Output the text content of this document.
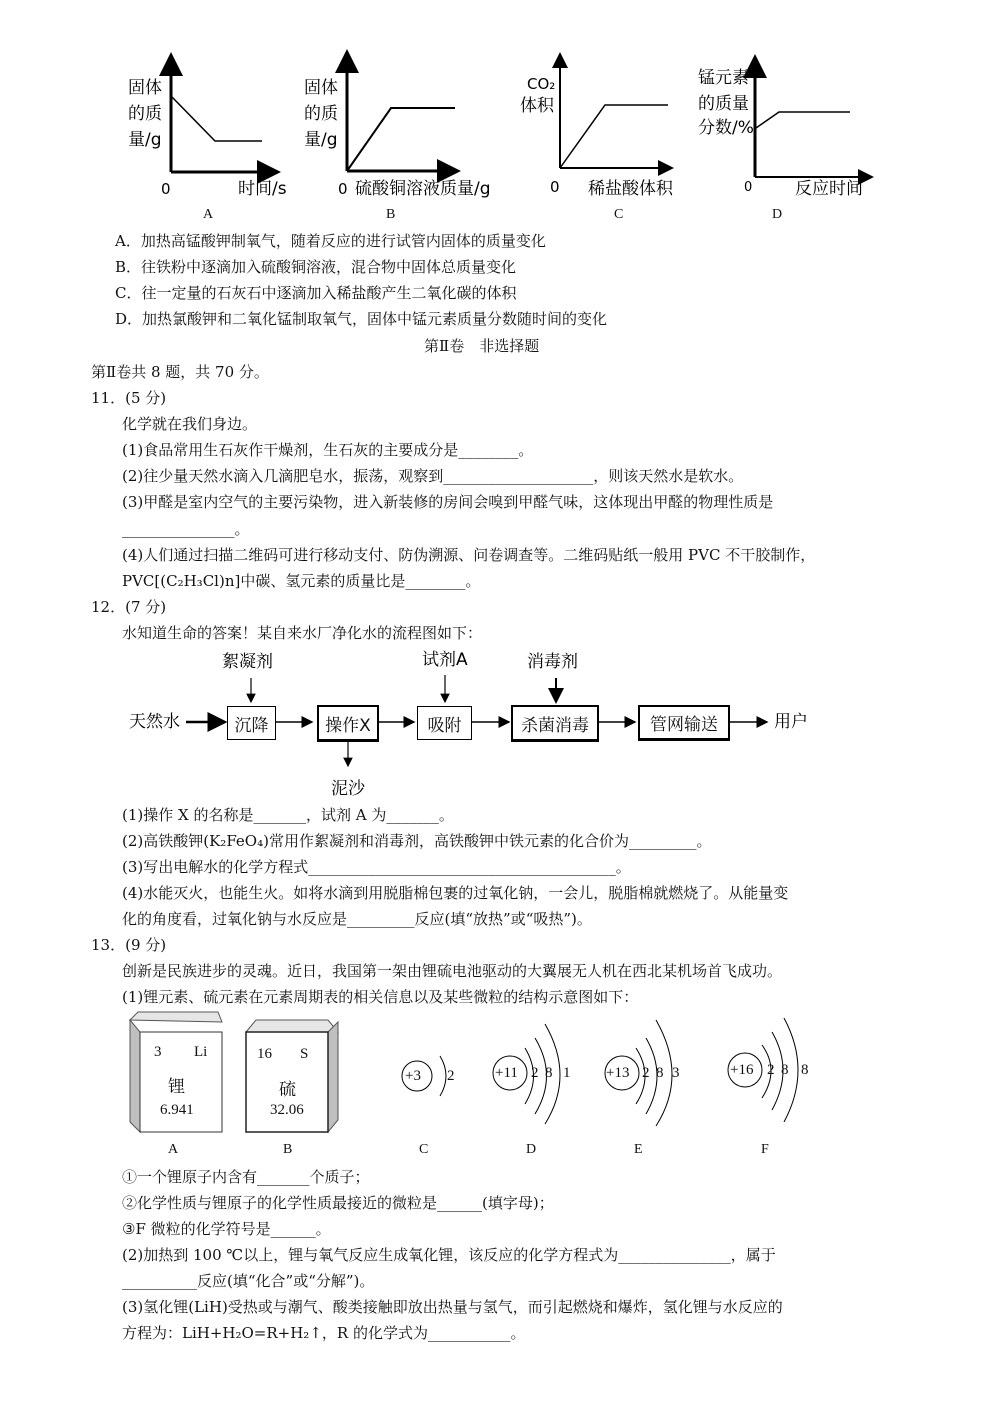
固体
的质
量/g
0	时间/s
A
固体
的质
量/g
0 硫酸铜溶液质量/g
B
CO₂
体积
0 稀盐酸体积
C
锰元素
的质量
分数/%
0	反应时间
D
A．加热高锰酸钾制氧气，随着反应的进行试管内固体的质量变化
B．往铁粉中逐滴加入硫酸铜溶液，混合物中固体总质量变化
C．往一定量的石灰石中逐滴加入稀盐酸产生二氧化碳的体积
D．加热氯酸钾和二氧化锰制取氧气，固体中锰元素质量分数随时间的变化
第Ⅱ卷　非选择题
第Ⅱ卷共 8 题，共 70 分。
11．(5 分)
化学就在我们身边。
(1)食品常用生石灰作干燥剂，生石灰的主要成分是________。
(2)往少量天然水滴入几滴肥皂水，振荡，观察到____________________，则该天然水是软水。
(3)甲醛是室内空气的主要污染物，进入新装修的房间会嗅到甲醛气味，这体现出甲醛的物理性质是
_______________。
(4)人们通过扫描二维码可进行移动支付、防伪溯源、问卷调查等。二维码贴纸一般用 PVC 不干胶制作，
PVC[(C₂H₃Cl)n]中碳、氢元素的质量比是________。
12．(7 分)
水知道生命的答案！某自来水厂净化水的流程图如下：
天然水	沉降	操作X	吸附	杀菌消毒	管网输送	用户
絮凝剂	试剂A	消毒剂
泥沙
(1)操作 X 的名称是_______，试剂 A 为_______。
(2)高铁酸钾(K₂FeO₄)常用作絮凝剂和消毒剂，高铁酸钾中铁元素的化合价为_________。
(3)写出电解水的化学方程式_________________________________________。
(4)水能灭火，也能生火。如将水滴到用脱脂棉包裹的过氧化钠，一会儿，脱脂棉就燃烧了。从能量变
化的角度看，过氧化钠与水反应是_________反应(填“放热”或“吸热”)。
13．(9 分)
创新是民族进步的灵魂。近日，我国第一架由锂硫电池驱动的大翼展无人机在西北某机场首飞成功。
(1)锂元素、硫元素在元素周期表的相关信息以及某些微粒的结构示意图如下：
3 Li
锂
6.941
A
16 S
硫
32.06
B
+3 2
C
+11 2 8 1
D
+13 2 8 3
E
+16 2 8 8
F
①一个锂原子内含有_______个质子；
②化学性质与锂原子的化学性质最接近的微粒是______(填字母)；
③F 微粒的化学符号是______。
(2)加热到 100 ℃以上，锂与氧气反应生成氧化锂，该反应的化学方程式为_______________，属于
__________反应(填“化合”或“分解”)。
(3)氢化锂(LiH)受热或与潮气、酸类接触即放出热量与氢气，而引起燃烧和爆炸，氢化锂与水反应的
方程为：LiH+H₂O=R+H₂↑，R 的化学式为___________。
